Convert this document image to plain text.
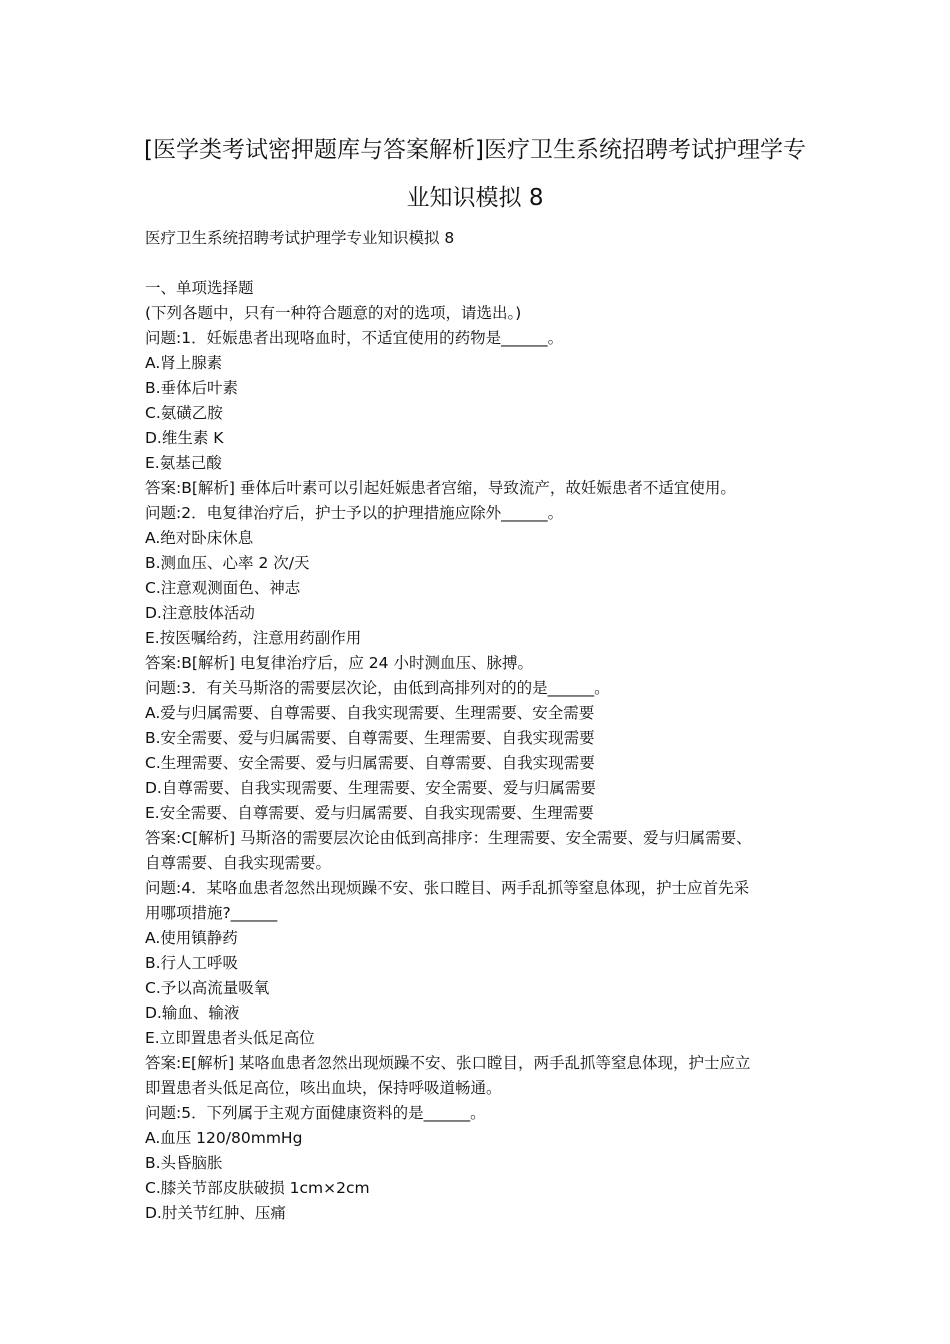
[医学类考试密押题库与答案解析]医疗卫生系统招聘考试护理学专
业知识模拟 8
医疗卫生系统招聘考试护理学专业知识模拟 8
一、单项选择题
(下列各题中，只有一种符合题意的对的选项，请选出。)
问题:1．妊娠患者出现咯血时，不适宜使用的药物是______。
A.肾上腺素
B.垂体后叶素
C.氨磺乙胺
D.维生素 K
E.氨基己酸
答案:B[解析] 垂体后叶素可以引起妊娠患者宫缩，导致流产，故妊娠患者不适宜使用。
问题:2．电复律治疗后，护士予以的护理措施应除外______。
A.绝对卧床休息
B.测血压、心率 2 次/天
C.注意观测面色、神志
D.注意肢体活动
E.按医嘱给药，注意用药副作用
答案:B[解析] 电复律治疗后，应 24 小时测血压、脉搏。
问题:3．有关马斯洛的需要层次论，由低到高排列对的的是______。
A.爱与归属需要、自尊需要、自我实现需要、生理需要、安全需要
B.安全需要、爱与归属需要、自尊需要、生理需要、自我实现需要
C.生理需要、安全需要、爱与归属需要、自尊需要、自我实现需要
D.自尊需要、自我实现需要、生理需要、安全需要、爱与归属需要
E.安全需要、自尊需要、爱与归属需要、自我实现需要、生理需要
答案:C[解析] 马斯洛的需要层次论由低到高排序：生理需要、安全需要、爱与归属需要、
自尊需要、自我实现需要。
问题:4．某咯血患者忽然出现烦躁不安、张口瞠目、两手乱抓等窒息体现，护士应首先采
用哪项措施?______
A.使用镇静药
B.行人工呼吸
C.予以高流量吸氧
D.输血、输液
E.立即置患者头低足高位
答案:E[解析] 某咯血患者忽然出现烦躁不安、张口瞠目，两手乱抓等窒息体现，护士应立
即置患者头低足高位，咳出血块，保持呼吸道畅通。
问题:5．下列属于主观方面健康资料的是______。
A.血压 120/80mmHg
B.头昏脑胀
C.膝关节部皮肤破损 1cm×2cm
D.肘关节红肿、压痛
